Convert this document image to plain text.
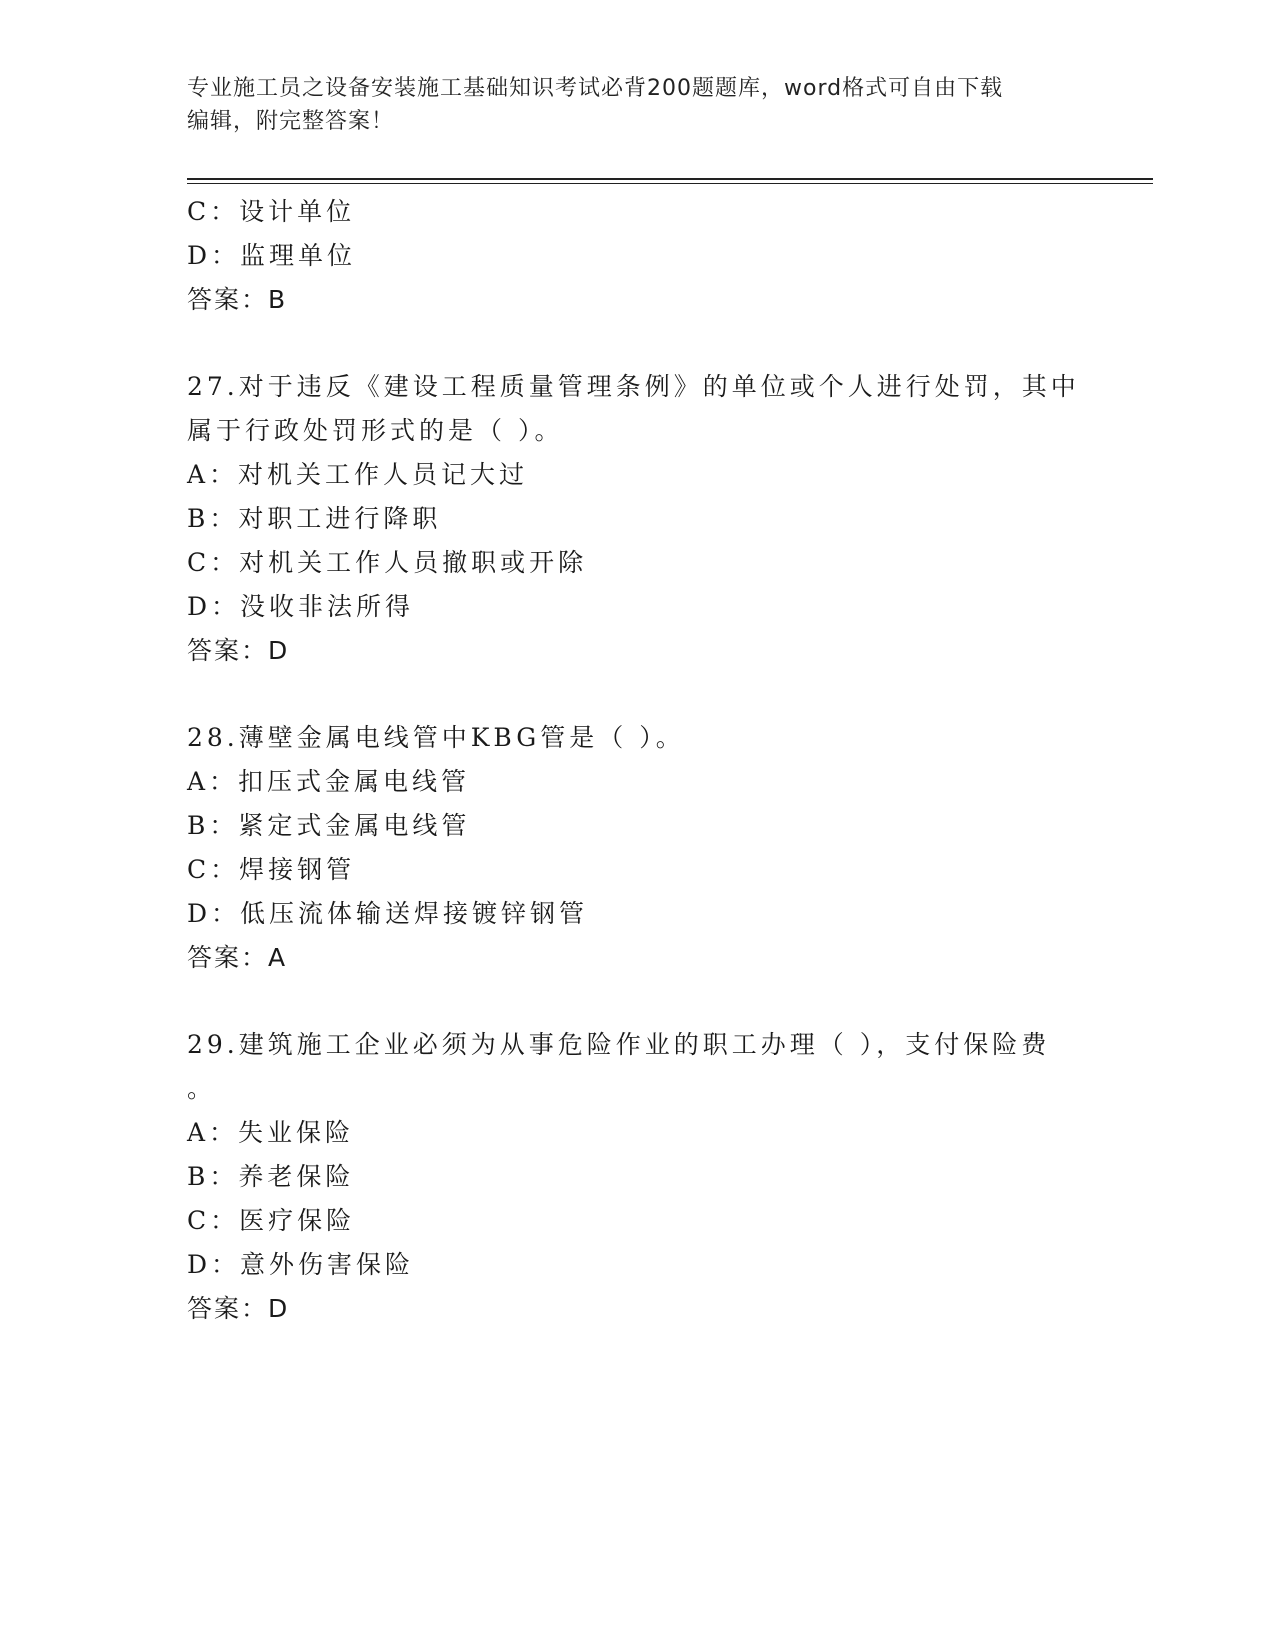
专业施工员之设备安装施工基础知识考试必背200题题库，word格式可自由下载
编辑，附完整答案！
C：设计单位
D：监理单位
答案：B
27.对于违反《建设工程质量管理条例》的单位或个人进行处罚，其中
属于行政处罚形式的是（ ）。
A：对机关工作人员记大过
B：对职工进行降职
C：对机关工作人员撤职或开除
D：没收非法所得
答案：D
28.薄壁金属电线管中KBG管是（ ）。
A：扣压式金属电线管
B：紧定式金属电线管
C：焊接钢管
D：低压流体输送焊接镀锌钢管
答案：A
29.建筑施工企业必须为从事危险作业的职工办理（ ），支付保险费
。
A：失业保险
B：养老保险
C：医疗保险
D：意外伤害保险
答案：D
